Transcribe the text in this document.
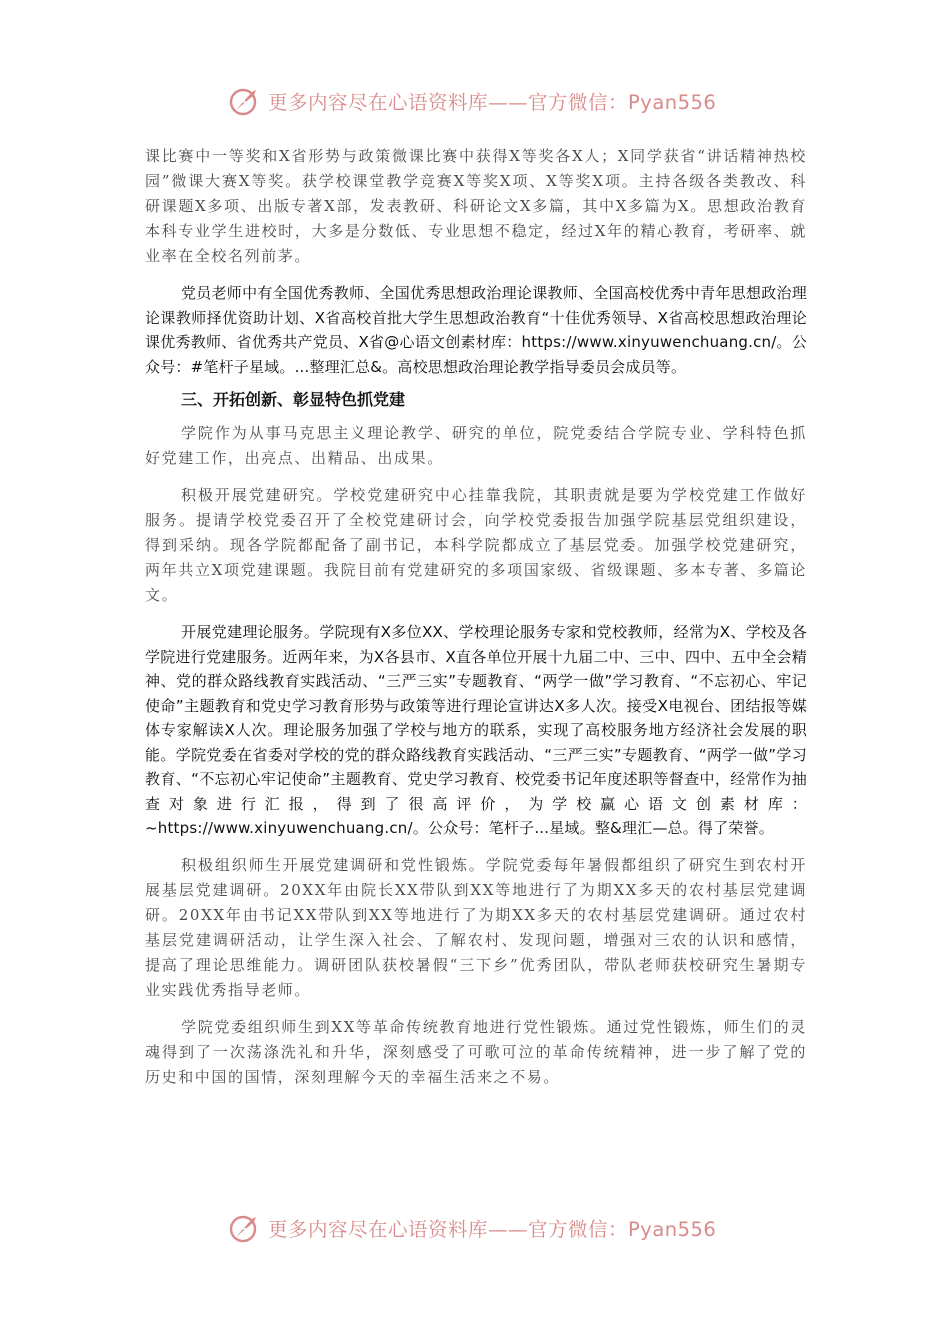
更多内容尽在心语资料库——官方微信：Pyan556

课比赛中一等奖和X省形势与政策微课比赛中获得X等奖各X人；X同学获省“讲话精神热校园”微课大赛X等奖。获学校课堂教学竞赛X等奖X项、X等奖X项。主持各级各类教改、科研课题X多项、出版专著X部，发表教研、科研论文X多篇，其中X多篇为X。思想政治教育本科专业学生进校时，大多是分数低、专业思想不稳定，经过X年的精心教育，考研率、就业率在全校名列前茅。

党员老师中有全国优秀教师、全国优秀思想政治理论课教师、全国高校优秀中青年思想政治理论课教师择优资助计划、X省高校首批大学生思想政治教育“十佳优秀领导、X省高校思想政治理论课优秀教师、省优秀共产党员、X省@心语文创素材库：https://www.xinyuwenchuang.cn/。公众号：#笔杆子星域。...整理汇总&。高校思想政治理论教学指导委员会成员等。

三、开拓创新、彰显特色抓党建

学院作为从事马克思主义理论教学、研究的单位，院党委结合学院专业、学科特色抓好党建工作，出亮点、出精品、出成果。

积极开展党建研究。学校党建研究中心挂靠我院，其职责就是要为学校党建工作做好服务。提请学校党委召开了全校党建研讨会，向学校党委报告加强学院基层党组织建设，得到采纳。现各学院都配备了副书记，本科学院都成立了基层党委。加强学校党建研究，两年共立X项党建课题。我院目前有党建研究的多项国家级、省级课题、多本专著、多篇论文。

开展党建理论服务。学院现有X多位XX、学校理论服务专家和党校教师，经常为X、学校及各学院进行党建服务。近两年来，为X各县市、X直各单位开展十九届二中、三中、四中、五中全会精神、党的群众路线教育实践活动、“三严三实”专题教育、“两学一做”学习教育、“不忘初心、牢记使命”主题教育和党史学习教育形势与政策等进行理论宣讲达X多人次。接受X电视台、团结报等媒体专家解读X人次。理论服务加强了学校与地方的联系，实现了高校服务地方经济社会发展的职能。学院党委在省委对学校的党的群众路线教育实践活动、“三严三实”专题教育、“两学一做”学习教育、“不忘初心牢记使命”主题教育、党史学习教育、校党委书记年度述职等督查中，经常作为抽查对象进行汇报，得到了很高评价，为学校赢心语文创素材库：~https://www.xinyuwenchuang.cn/。公众号：笔杆子...星域。整&理汇—总。得了荣誉。

积极组织师生开展党建调研和党性锻炼。学院党委每年暑假都组织了研究生到农村开展基层党建调研。20XX年由院长XX带队到XX等地进行了为期XX多天的农村基层党建调研。20XX年由书记XX带队到XX等地进行了为期XX多天的农村基层党建调研。通过农村基层党建调研活动，让学生深入社会、了解农村、发现问题，增强对三农的认识和感情，提高了理论思维能力。调研团队获校暑假“三下乡”优秀团队，带队老师获校研究生暑期专业实践优秀指导老师。

学院党委组织师生到XX等革命传统教育地进行党性锻炼。通过党性锻炼，师生们的灵魂得到了一次荡涤洗礼和升华，深刻感受了可歌可泣的革命传统精神，进一步了解了党的历史和中国的国情，深刻理解今天的幸福生活来之不易。

更多内容尽在心语资料库——官方微信：Pyan556
